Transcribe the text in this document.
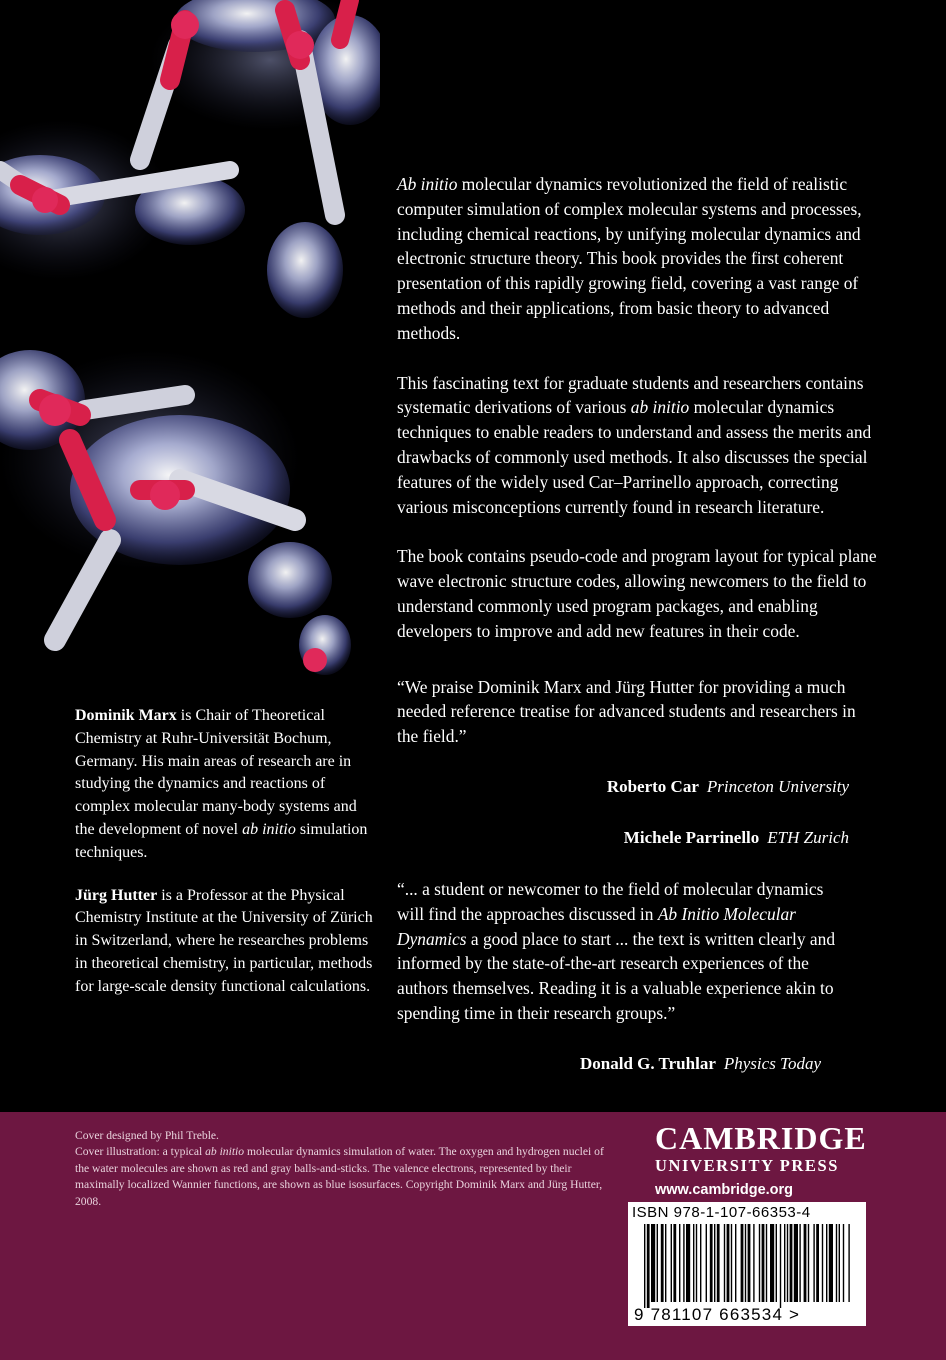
Ab initio molecular dynamics revolutionized the field of realistic computer simulation of complex molecular systems and processes, including chemical reactions, by unifying molecular dynamics and electronic structure theory. This book provides the first coherent presentation of this rapidly growing field, covering a vast range of methods and their applications, from basic theory to advanced methods.

This fascinating text for graduate students and researchers contains systematic derivations of various ab initio molecular dynamics techniques to enable readers to understand and assess the merits and drawbacks of commonly used methods. It also discusses the special features of the widely used Car–Parrinello approach, correcting various misconceptions currently found in research literature.

The book contains pseudo-code and program layout for typical plane wave electronic structure codes, allowing newcomers to the field to understand commonly used program packages, and enabling developers to improve and add new features in their code.

“We praise Dominik Marx and Jürg Hutter for providing a much needed reference treatise for advanced students and researchers in the field.”

Roberto Car Princeton University

Michele Parrinello ETH Zurich

“... a student or newcomer to the field of molecular dynamics will find the approaches discussed in Ab Initio Molecular Dynamics a good place to start ... the text is written clearly and informed by the state-of-the-art research experiences of the authors themselves. Reading it is a valuable experience akin to spending time in their research groups.”

Donald G. Truhlar Physics Today

Dominik Marx is Chair of Theoretical Chemistry at Ruhr-Universität Bochum, Germany. His main areas of research are in studying the dynamics and reactions of complex molecular many-body systems and the development of novel ab initio simulation techniques.

Jürg Hutter is a Professor at the Physical Chemistry Institute at the University of Zürich in Switzerland, where he researches problems in theoretical chemistry, in particular, methods for large-scale density functional calculations.

Cover designed by Phil Treble.

Cover illustration: a typical ab initio molecular dynamics simulation of water. The oxygen and hydrogen nuclei of the water molecules are shown as red and gray balls-and-sticks. The valence electrons, represented by their maximally localized Wannier functions, are shown as blue isosurfaces. Copyright Dominik Marx and Jürg Hutter, 2008.

CAMBRIDGE
UNIVERSITY PRESS
www.cambridge.org
ISBN 978-1-107-66353-4
9 781107 663534 >
